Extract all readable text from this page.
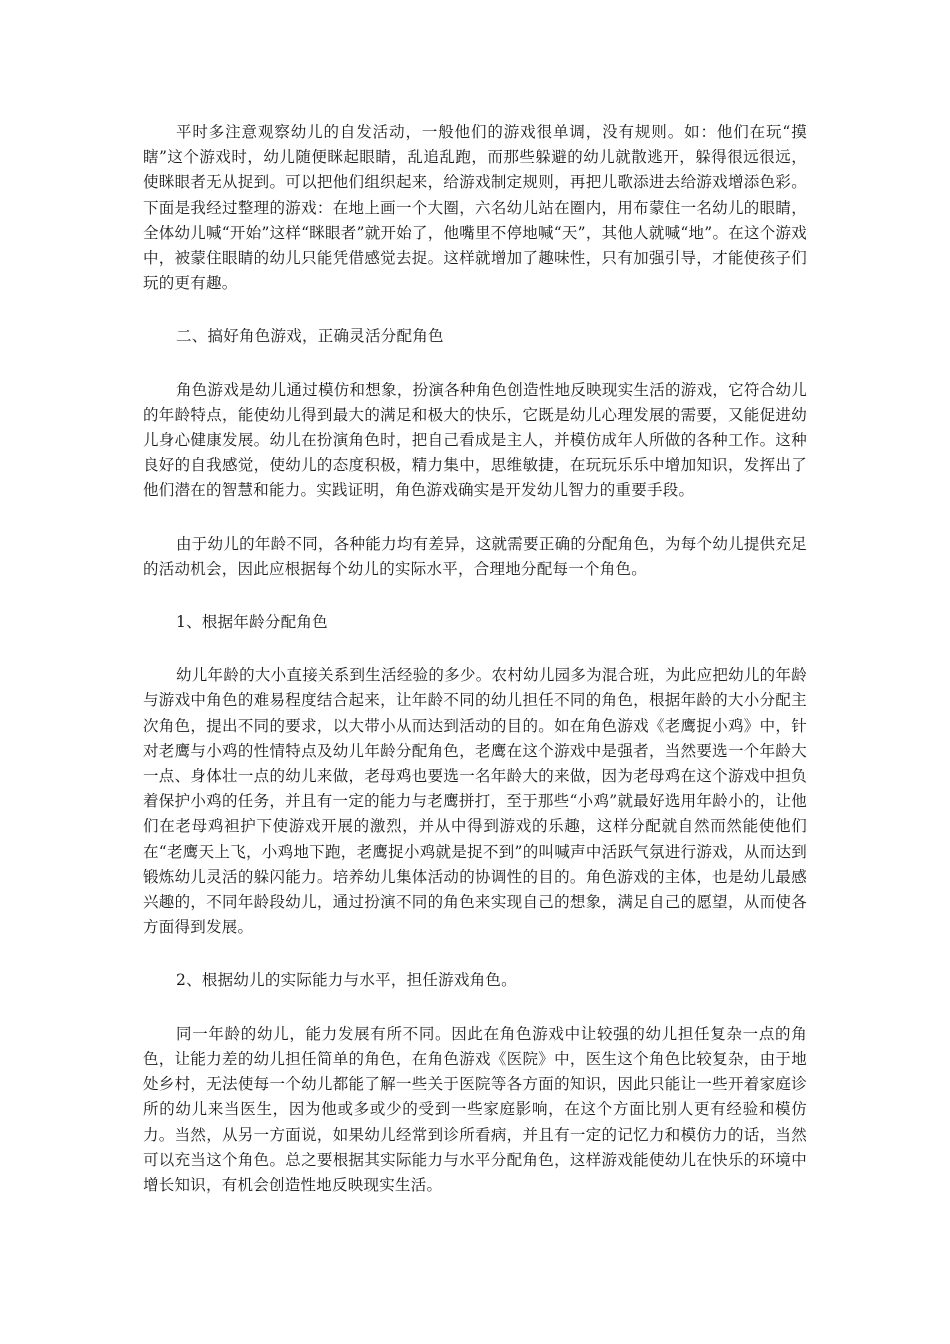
平时多注意观察幼儿的自发活动，一般他们的游戏很单调，没有规则。如：他们在玩“摸瞎”这个游戏时，幼儿随便眯起眼睛，乱追乱跑，而那些躲避的幼儿就散逃开，躲得很远很远，使眯眼者无从捉到。可以把他们组织起来，给游戏制定规则，再把儿歌添进去给游戏增添色彩。下面是我经过整理的游戏：在地上画一个大圈，六名幼儿站在圈内，用布蒙住一名幼儿的眼睛，全体幼儿喊“开始”这样“眯眼者”就开始了，他嘴里不停地喊“天”，其他人就喊“地”。在这个游戏中，被蒙住眼睛的幼儿只能凭借感觉去捉。这样就增加了趣味性，只有加强引导，才能使孩子们玩的更有趣。

二、搞好角色游戏，正确灵活分配角色

角色游戏是幼儿通过模仿和想象，扮演各种角色创造性地反映现实生活的游戏，它符合幼儿的年龄特点，能使幼儿得到最大的满足和极大的快乐，它既是幼儿心理发展的需要，又能促进幼儿身心健康发展。幼儿在扮演角色时，把自己看成是主人，并模仿成年人所做的各种工作。这种良好的自我感觉，使幼儿的态度积极，精力集中，思维敏捷，在玩玩乐乐中增加知识，发挥出了他们潜在的智慧和能力。实践证明，角色游戏确实是开发幼儿智力的重要手段。

由于幼儿的年龄不同，各种能力均有差异，这就需要正确的分配角色，为每个幼儿提供充足的活动机会，因此应根据每个幼儿的实际水平，合理地分配每一个角色。

1、根据年龄分配角色

幼儿年龄的大小直接关系到生活经验的多少。农村幼儿园多为混合班，为此应把幼儿的年龄与游戏中角色的难易程度结合起来，让年龄不同的幼儿担任不同的角色，根据年龄的大小分配主次角色，提出不同的要求，以大带小从而达到活动的目的。如在角色游戏《老鹰捉小鸡》中，针对老鹰与小鸡的性情特点及幼儿年龄分配角色，老鹰在这个游戏中是强者，当然要选一个年龄大一点、身体壮一点的幼儿来做，老母鸡也要选一名年龄大的来做，因为老母鸡在这个游戏中担负着保护小鸡的任务，并且有一定的能力与老鹰拼打，至于那些“小鸡”就最好选用年龄小的，让他们在老母鸡袒护下使游戏开展的激烈，并从中得到游戏的乐趣，这样分配就自然而然能使他们在“老鹰天上飞，小鸡地下跑，老鹰捉小鸡就是捉不到”的叫喊声中活跃气氛进行游戏，从而达到锻炼幼儿灵活的躲闪能力。培养幼儿集体活动的协调性的目的。角色游戏的主体，也是幼儿最感兴趣的，不同年龄段幼儿，通过扮演不同的角色来实现自己的想象，满足自己的愿望，从而使各方面得到发展。

2、根据幼儿的实际能力与水平，担任游戏角色。

同一年龄的幼儿，能力发展有所不同。因此在角色游戏中让较强的幼儿担任复杂一点的角色，让能力差的幼儿担任简单的角色，在角色游戏《医院》中，医生这个角色比较复杂，由于地处乡村，无法使每一个幼儿都能了解一些关于医院等各方面的知识，因此只能让一些开着家庭诊所的幼儿来当医生，因为他或多或少的受到一些家庭影响，在这个方面比别人更有经验和模仿力。当然，从另一方面说，如果幼儿经常到诊所看病，并且有一定的记忆力和模仿力的话，当然可以充当这个角色。总之要根据其实际能力与水平分配角色，这样游戏能使幼儿在快乐的环境中增长知识，有机会创造性地反映现实生活。
